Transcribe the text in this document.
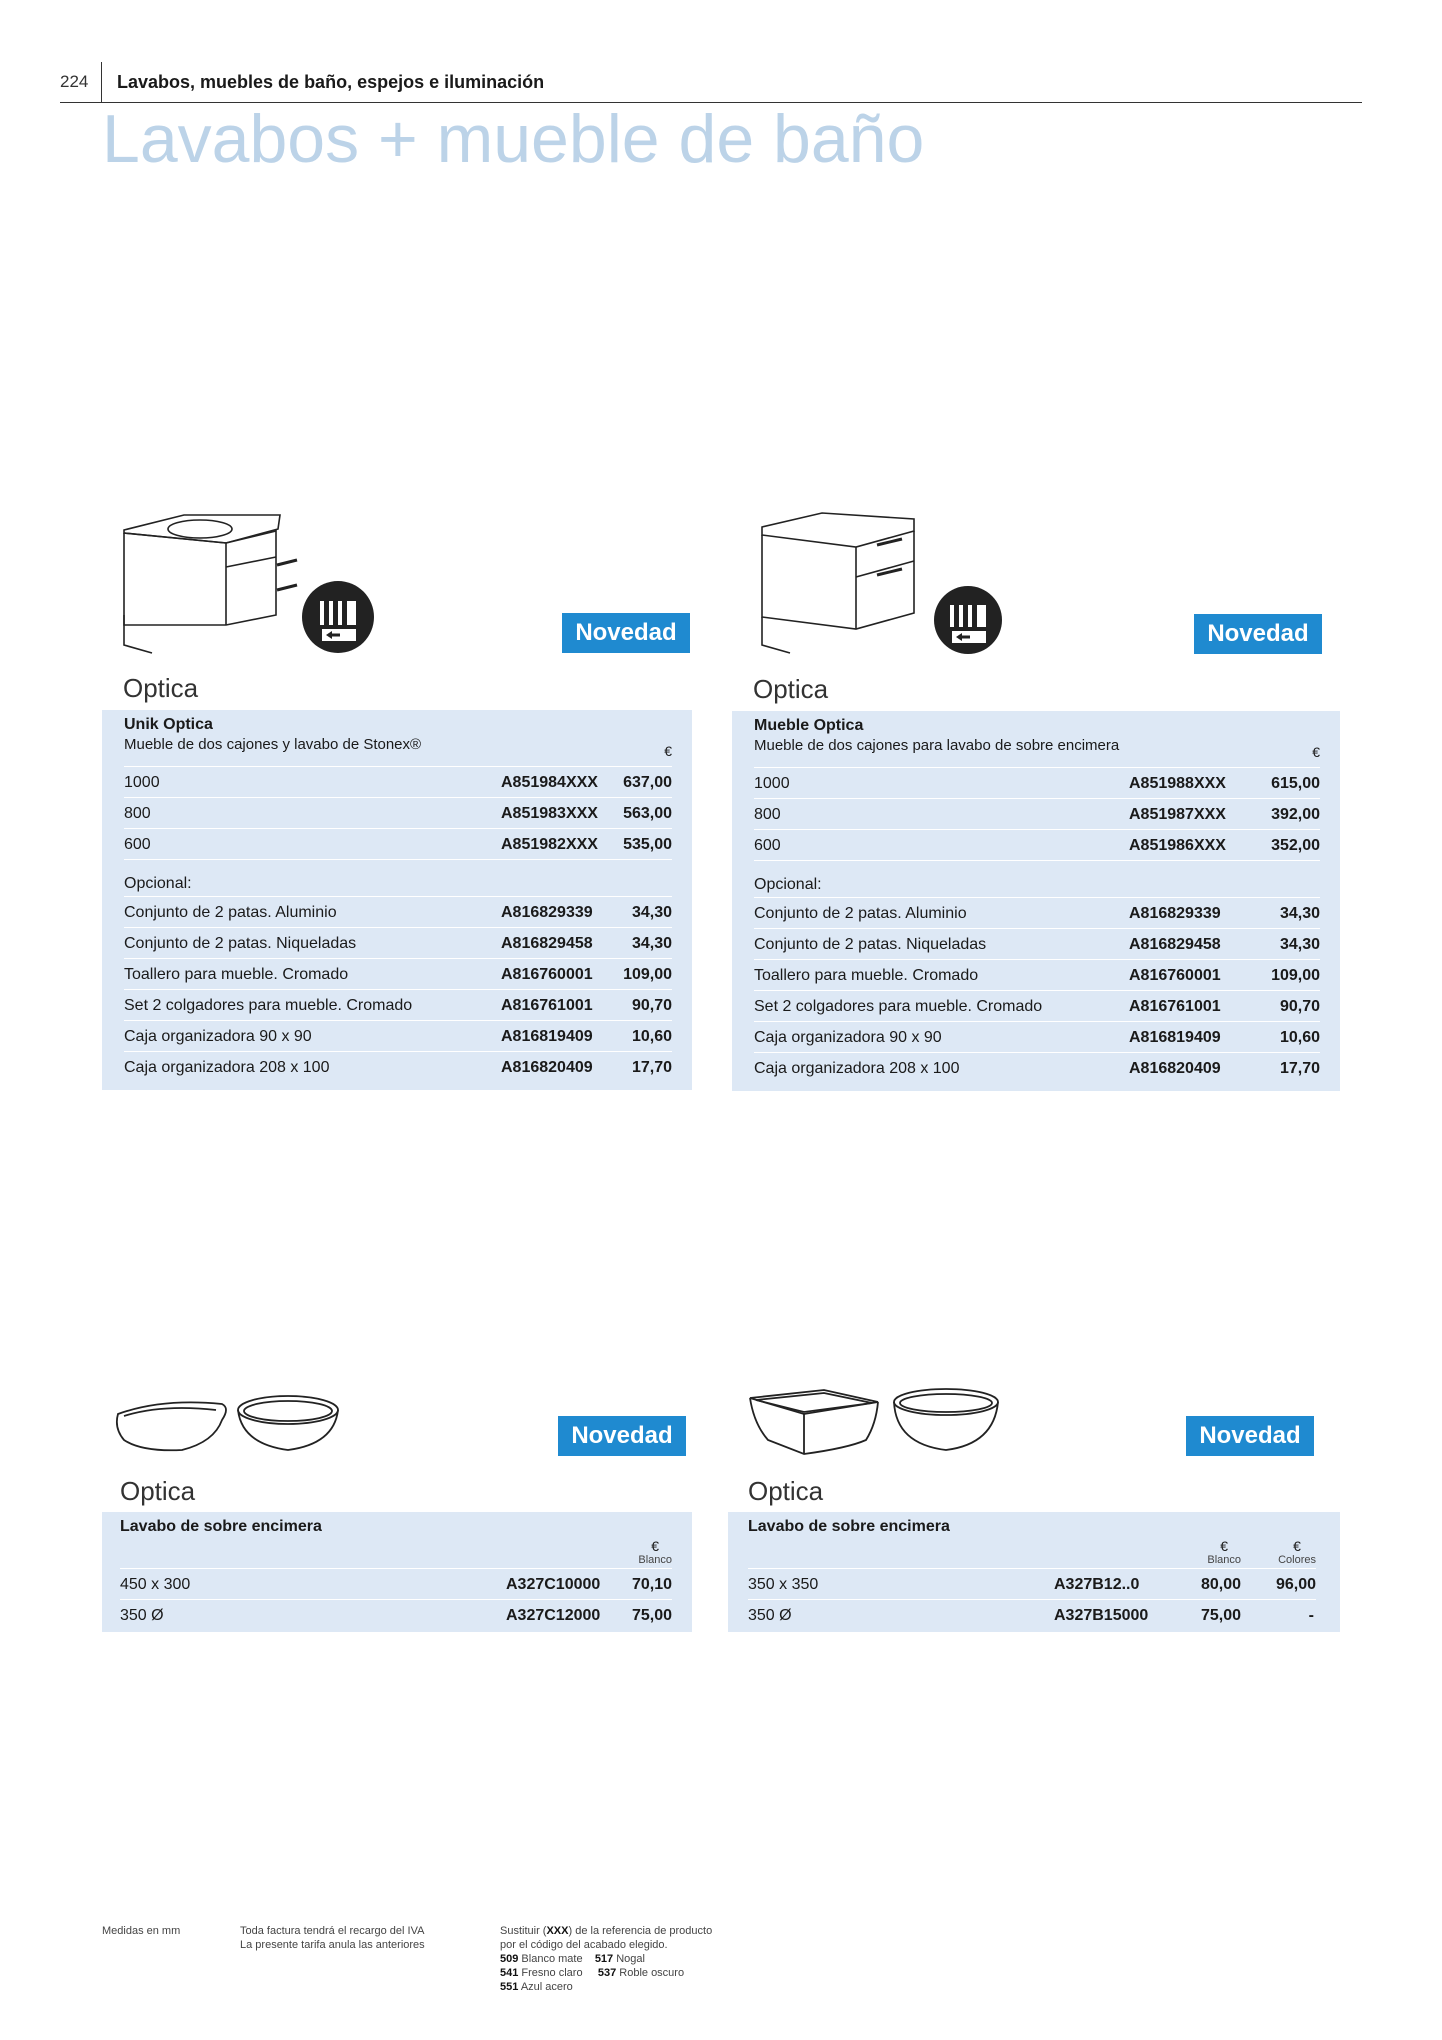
224 Lavabos, muebles de baño, espejos e iluminación
Lavabos + mueble de baño
Novedad
Optica
Unik Optica
Mueble de dos cajones y lavabo de Stonex®	€
1000	A851984XXX 637,00
800	A851983XXX 563,00
600	A851982XXX 535,00
Opcional:
Conjunto de 2 patas. Aluminio	A816829339 34,30
Conjunto de 2 patas. Niqueladas	A816829458 34,30
Toallero para mueble. Cromado	A816760001 109,00
Set 2 colgadores para mueble. Cromado	A816761001 90,70
Caja organizadora 90 x 90	A816819409 10,60
Caja organizadora 208 x 100	A816820409 17,70
Novedad
Optica
Mueble Optica
Mueble de dos cajones para lavabo de sobre encimera	€
1000	A851988XXX	615,00
800	A851987XXX	392,00
600	A851986XXX	352,00
Opcional:
Conjunto de 2 patas. Aluminio	A816829339	34,30
Conjunto de 2 patas. Niqueladas	A816829458	34,30
Toallero para mueble. Cromado	A816760001	109,00
Set 2 colgadores para mueble. Cromado	A816761001	90,70
Caja organizadora 90 x 90	A816819409	10,60
Caja organizadora 208 x 100	A816820409	17,70
Novedad
Optica
Lavabo de sobre encimera
€
Blanco
450 x 300	A327C10000 70,10
350 Ø	A327C12000 75,00
Novedad
Optica
Lavabo de sobre encimera
€
Blanco
€
Colores
350 x 350	A327B12..0	80,00 96,00
350 Ø	A327B15000	75,00	-
Medidas en mm	Toda factura tendrá el recargo del IVA
La presente tarifa anula las anteriores
Sustituir (XXX) de la referencia de producto
por el código del acabado elegido.
509 Blanco mate 517 Nogal
541 Fresno claro 537 Roble oscuro
551 Azul acero
